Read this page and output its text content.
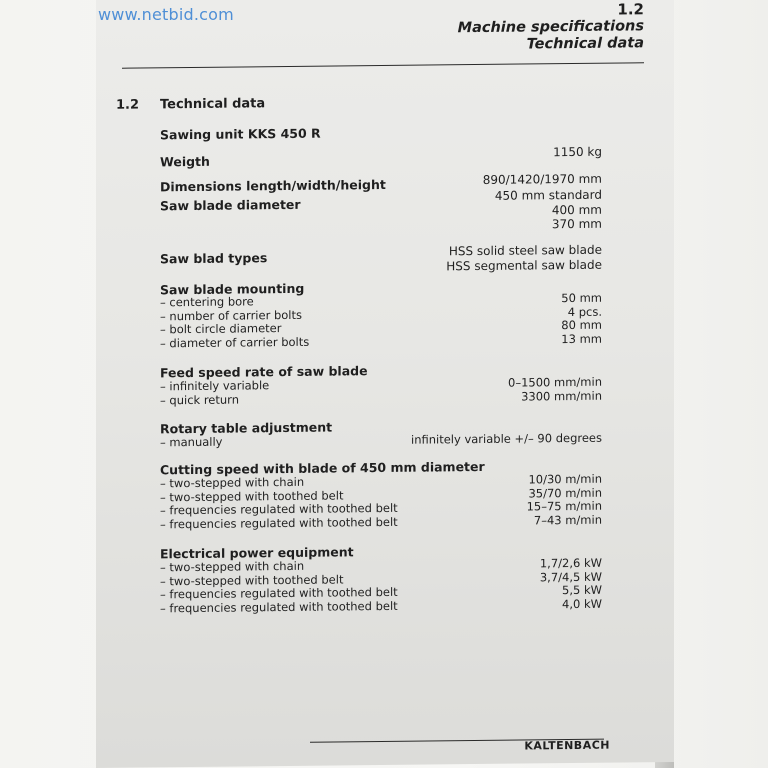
1.2
Machine specifications
Technical data
1.2 Technical data
Sawing unit KKS 450 R
Weigth
1150 kg
Dimensions length/width/height	890/1420/1970 mm
Saw blade diameter
450 mm standard
400 mm
370 mm
Saw blad types	HSS solid steel saw blade
HSS segmental saw blade
Saw blade mounting
– centering bore	50 mm
– number of carrier bolts	4 pcs.
– bolt circle diameter	80 mm
– diameter of carrier bolts	13 mm
Feed speed rate of saw blade
– infinitely variable	0–1500 mm/min
– quick return	3300 mm/min
Rotary table adjustment
– manually	infinitely variable +/– 90 degrees
Cutting speed with blade of 450 mm diameter
– two-stepped with chain	10/30 m/min
– two-stepped with toothed belt	35/70 m/min
– frequencies regulated with toothed belt	15–75 m/min
– frequencies regulated with toothed belt	7–43 m/min
Electrical power equipment
– two-stepped with chain	1,7/2,6 kW
– two-stepped with toothed belt	3,7/4,5 kW
– frequencies regulated with toothed belt	5,5 kW
– frequencies regulated with toothed belt	4,0 kW
KALTENBACH
www.netbid.com
